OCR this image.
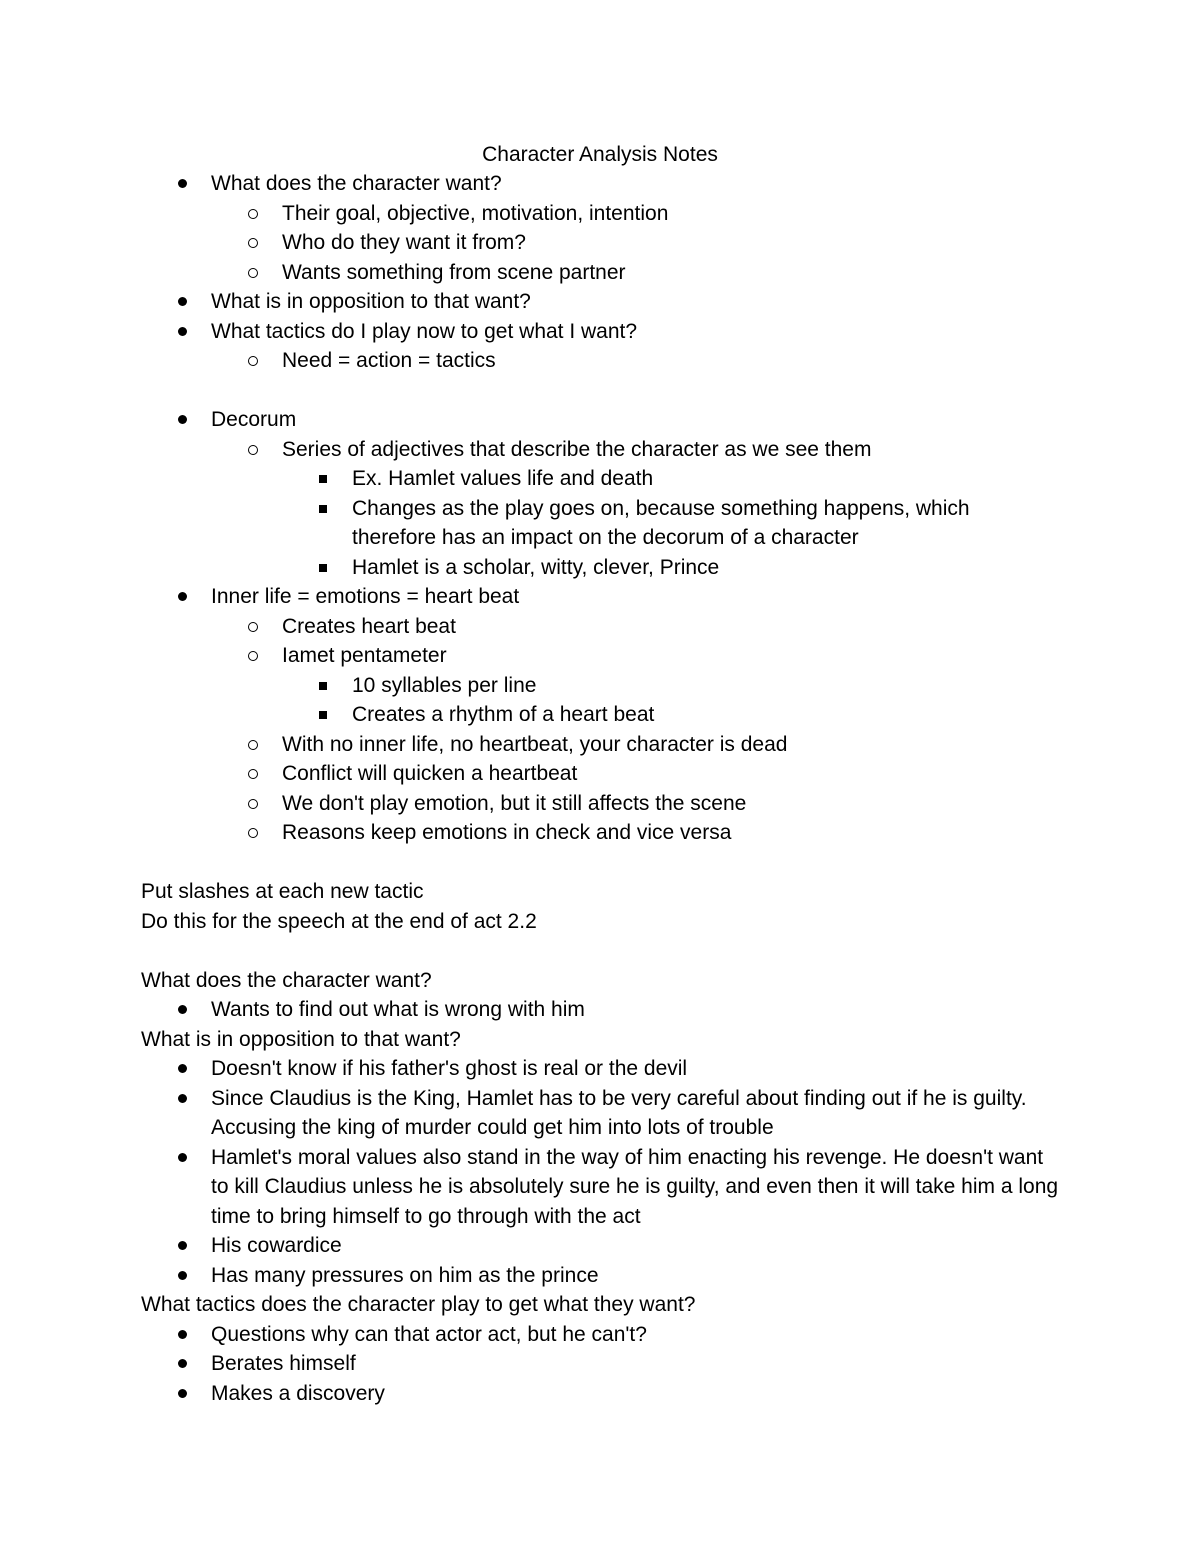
Character Analysis Notes
What does the character want?
Their goal, objective, motivation, intention
Who do they want it from?
Wants something from scene partner
What is in opposition to that want?
What tactics do I play now to get what I want?
Need = action = tactics
Decorum
Series of adjectives that describe the character as we see them
Ex. Hamlet values life and death
Changes as the play goes on, because something happens, which therefore has an impact on the decorum of a character
Hamlet is a scholar, witty, clever, Prince
Inner life = emotions = heart beat
Creates heart beat
Iamet pentameter
10 syllables per line
Creates a rhythm of a heart beat
With no inner life, no heartbeat, your character is dead
Conflict will quicken a heartbeat
We don't play emotion, but it still affects the scene
Reasons keep emotions in check and vice versa
Put slashes at each new tactic
Do this for the speech at the end of act 2.2
What does the character want?
Wants to find out what is wrong with him
What is in opposition to that want?
Doesn't know if his father's ghost is real or the devil
Since Claudius is the King, Hamlet has to be very careful about finding out if he is guilty. Accusing the king of murder could get him into lots of trouble
Hamlet's moral values also stand in the way of him enacting his revenge. He doesn't want to kill Claudius unless he is absolutely sure he is guilty, and even then it will take him a long time to bring himself to go through with the act
His cowardice
Has many pressures on him as the prince
What tactics does the character play to get what they want?
Questions why can that actor act, but he can't?
Berates himself
Makes a discovery
